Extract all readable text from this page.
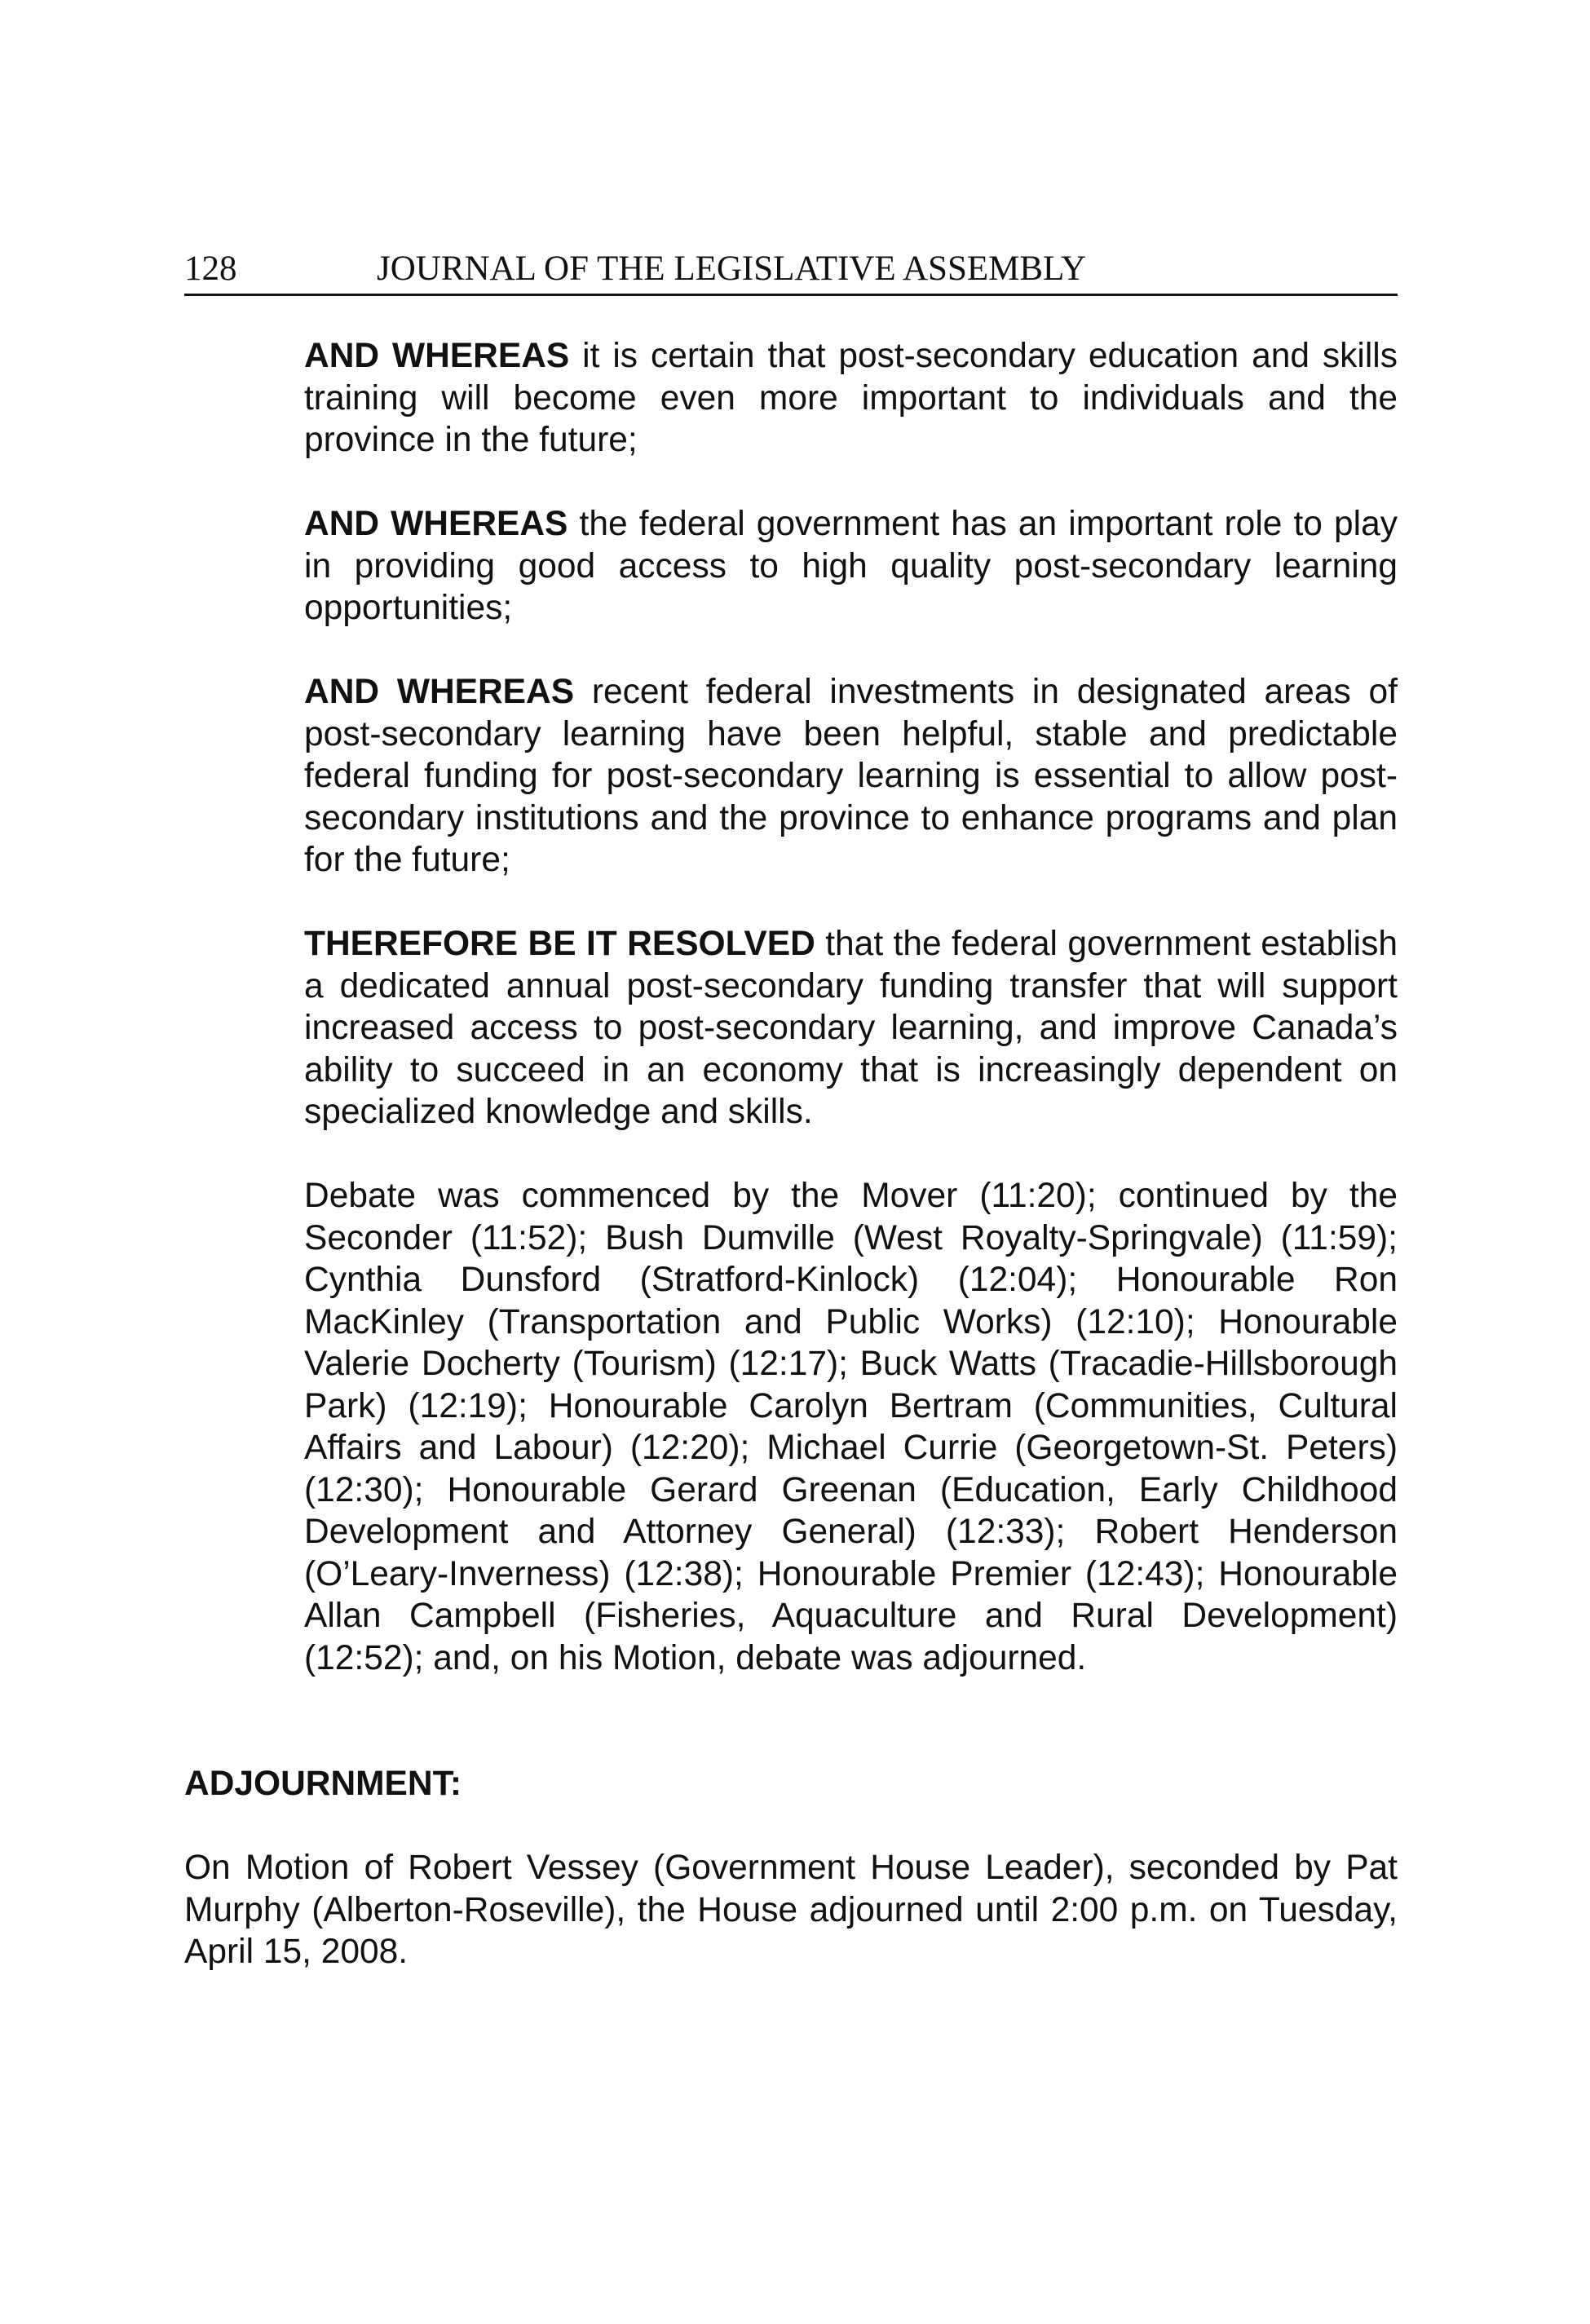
128	JOURNAL OF THE LEGISLATIVE ASSEMBLY

AND WHEREAS it is certain that post-secondary education and skills training will become even more important to individuals and the province in the future;

AND WHEREAS the federal government has an important role to play in providing good access to high quality post-secondary learning opportunities;

AND WHEREAS recent federal investments in designated areas of post-secondary learning have been helpful, stable and predictable federal funding for post-secondary learning is essential to allow post-secondary institutions and the province to enhance programs and plan for the future;

THEREFORE BE IT RESOLVED that the federal government establish a dedicated annual post-secondary funding transfer that will support increased access to post-secondary learning, and improve Canada’s ability to succeed in an economy that is increasingly dependent on specialized knowledge and skills.

Debate was commenced by the Mover (11:20); continued by the Seconder (11:52); Bush Dumville (West Royalty-Springvale) (11:59); Cynthia Dunsford (Stratford-Kinlock) (12:04); Honourable Ron MacKinley (Transportation and Public Works) (12:10); Honourable Valerie Docherty (Tourism) (12:17); Buck Watts (Tracadie-Hillsborough Park) (12:19); Honourable Carolyn Bertram (Communities, Cultural Affairs and Labour) (12:20); Michael Currie (Georgetown-St. Peters) (12:30); Honourable Gerard Greenan (Education, Early Childhood Development and Attorney General) (12:33); Robert Henderson (O’Leary-Inverness) (12:38); Honourable Premier (12:43); Honourable Allan Campbell (Fisheries, Aquaculture and Rural Development) (12:52); and, on his Motion, debate was adjourned.

ADJOURNMENT:

On Motion of Robert Vessey (Government House Leader), seconded by Pat Murphy (Alberton-Roseville), the House adjourned until 2:00 p.m. on Tuesday, April 15, 2008.
